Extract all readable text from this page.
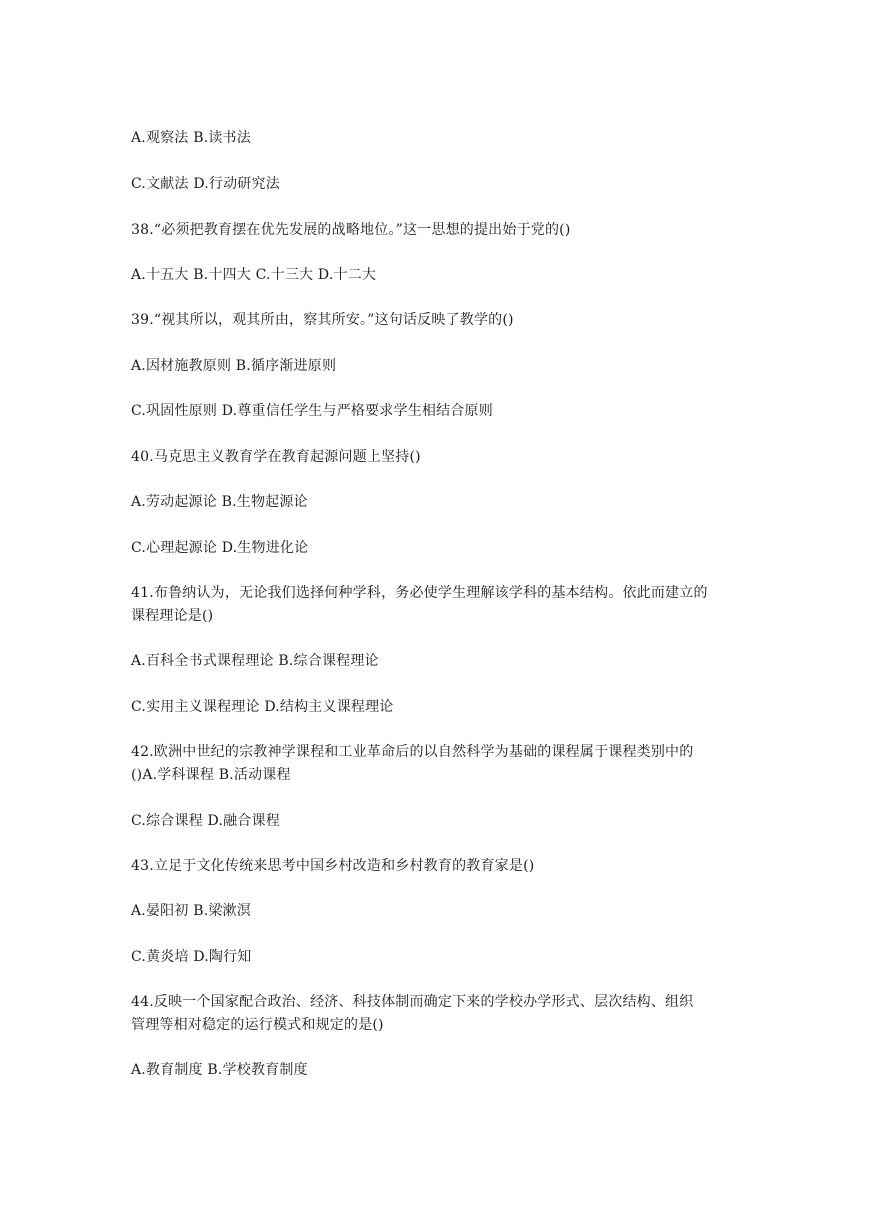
A.观察法 B.读书法
C.文献法 D.行动研究法
38.“必须把教育摆在优先发展的战略地位。”这一思想的提出始于党的()
A.十五大 B.十四大 C.十三大 D.十二大
39.“视其所以，观其所由，察其所安。”这句话反映了教学的()
A.因材施教原则 B.循序渐进原则
C.巩固性原则 D.尊重信任学生与严格要求学生相结合原则
40.马克思主义教育学在教育起源问题上坚持()
A.劳动起源论 B.生物起源论
C.心理起源论 D.生物进化论
41.布鲁纳认为，无论我们选择何种学科，务必使学生理解该学科的基本结构。依此而建立的
课程理论是()
A.百科全书式课程理论 B.综合课程理论
C.实用主义课程理论 D.结构主义课程理论
42.欧洲中世纪的宗教神学课程和工业革命后的以自然科学为基础的课程属于课程类别中的
()A.学科课程 B.活动课程
C.综合课程 D.融合课程
43.立足于文化传统来思考中国乡村改造和乡村教育的教育家是()
A.晏阳初 B.梁漱溟
C.黄炎培 D.陶行知
44.反映一个国家配合政治、经济、科技体制而确定下来的学校办学形式、层次结构、组织
管理等相对稳定的运行模式和规定的是()
A.教育制度 B.学校教育制度
